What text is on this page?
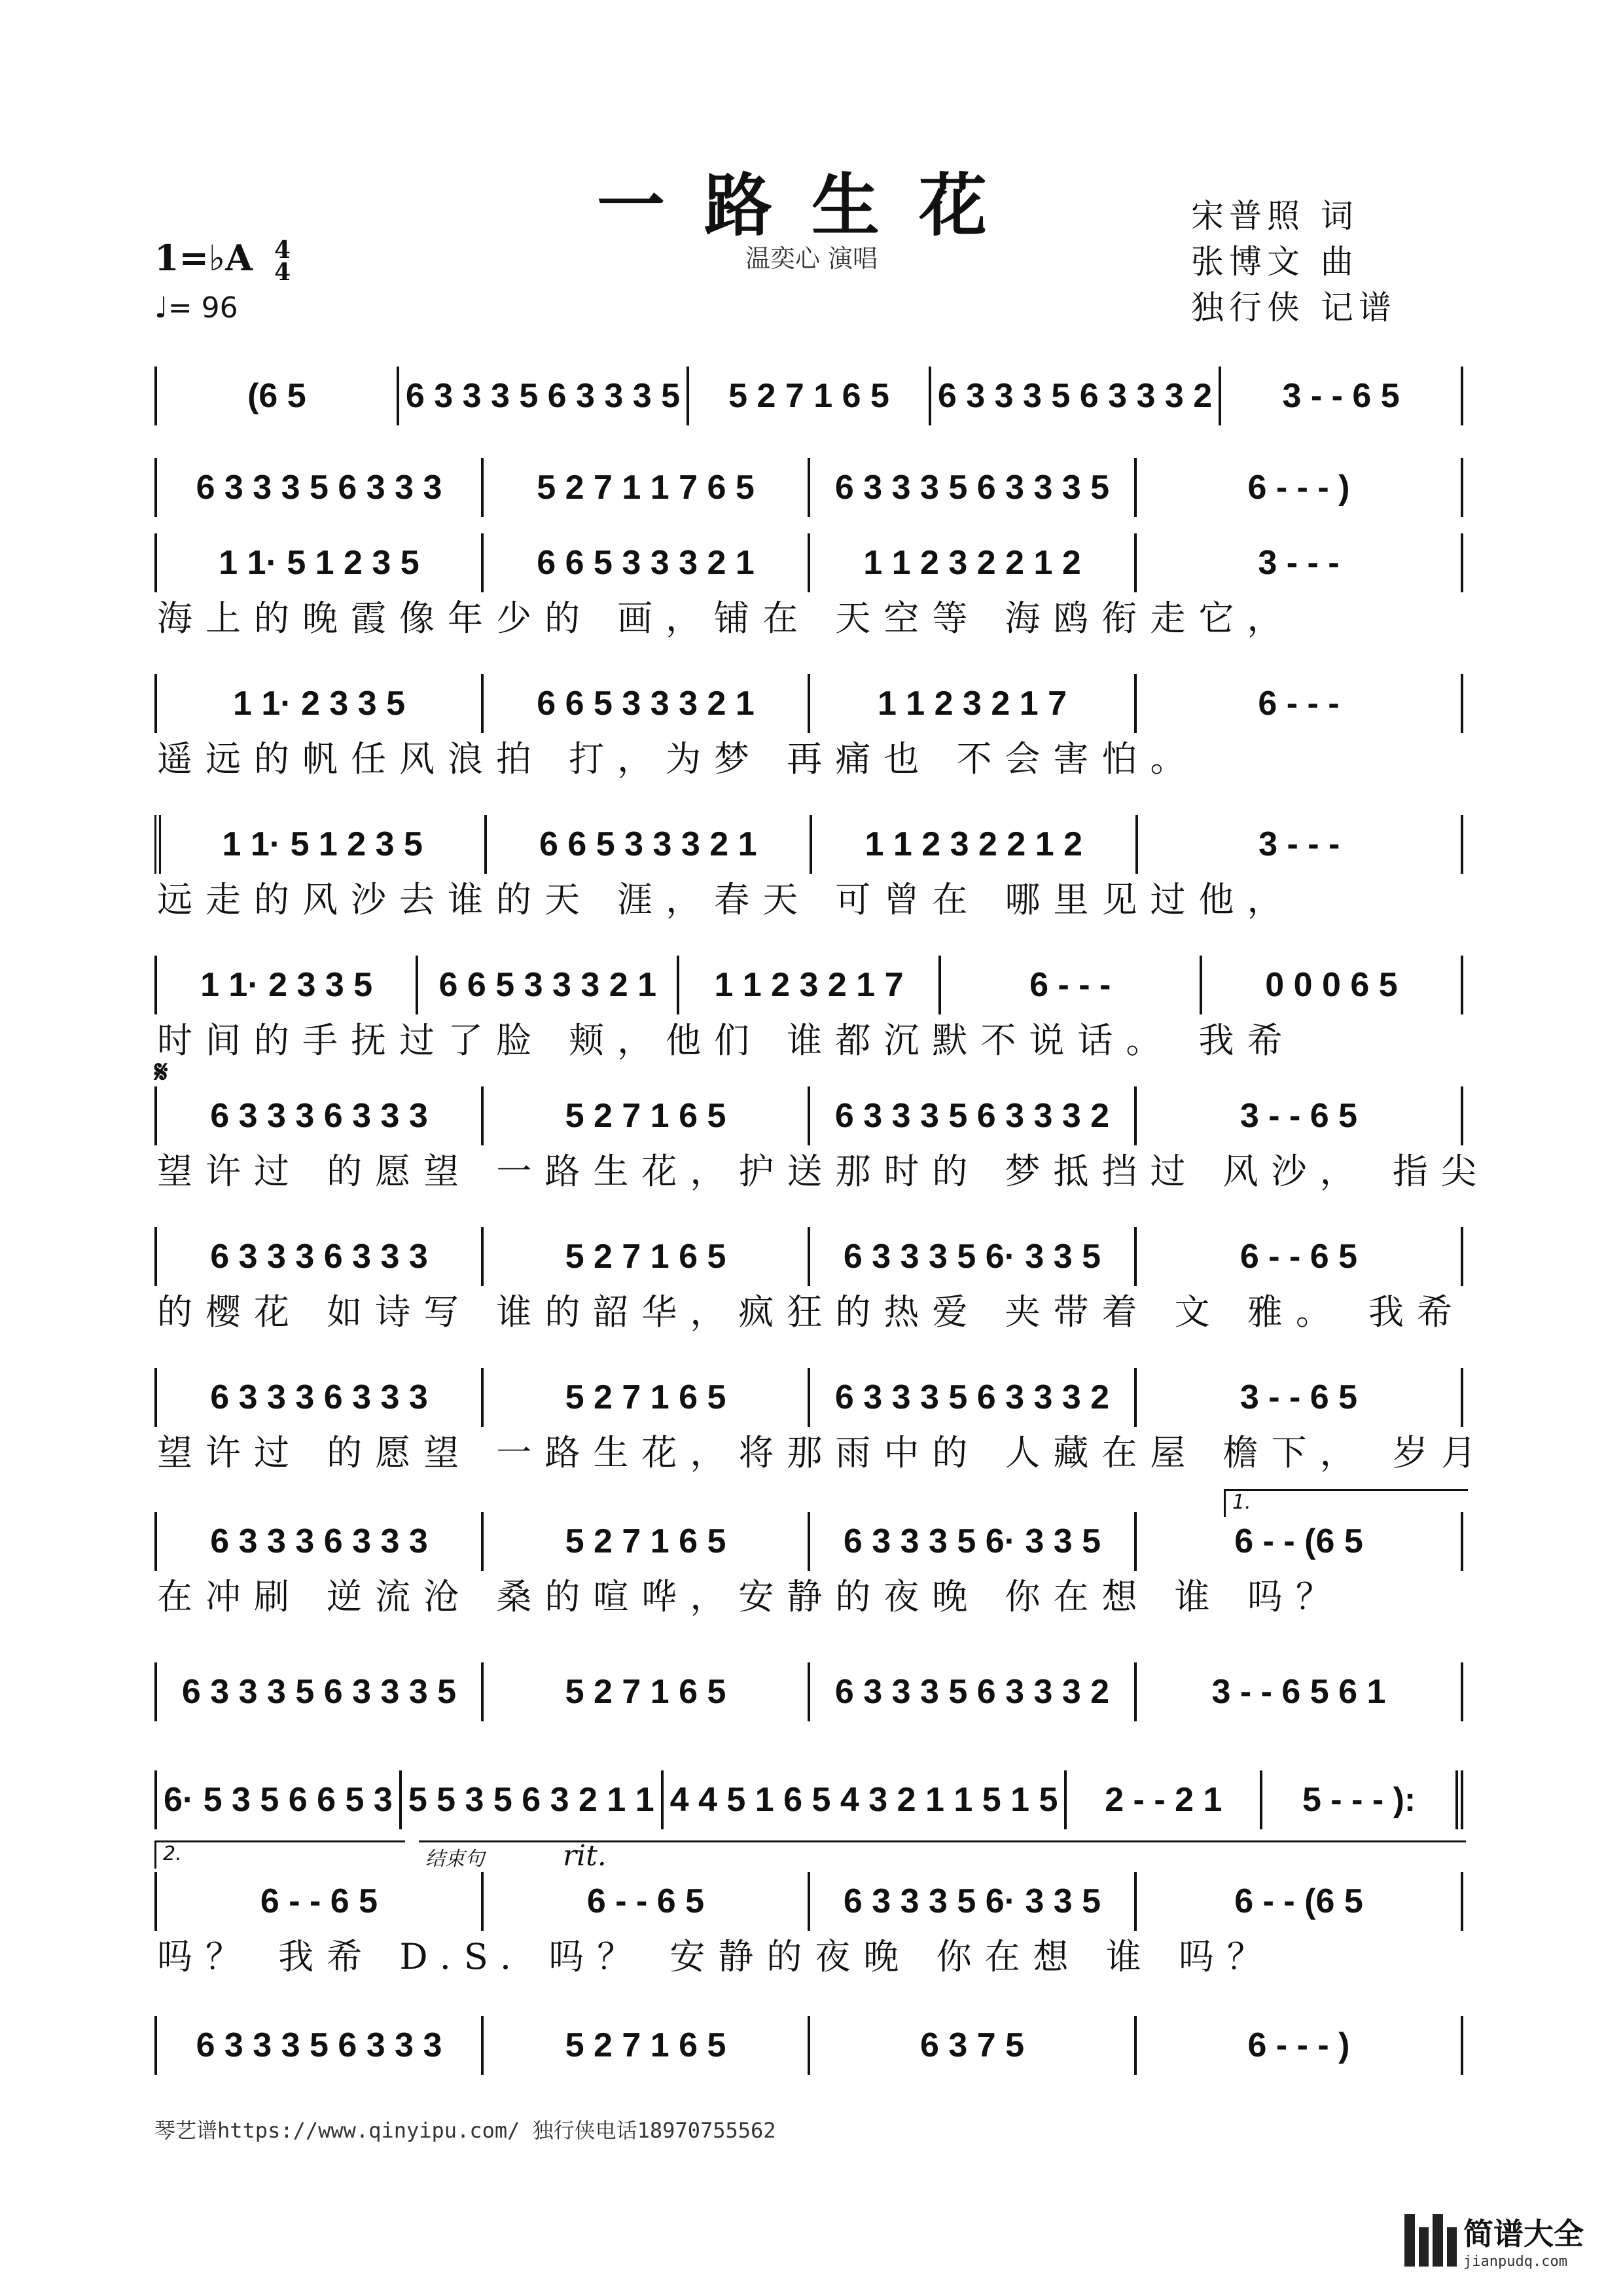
一路生花
温奕心 演唱
宋普照 词
张博文 曲
独行侠 记谱
1=♭A 4
4
♩= 96
(6 5	6 3 3 3 5 6 3 3 3 5	5 2 7 1 6 5	6 3 3 3 5 6 3 3 3 2	3 - - 6 5
6 3 3 3 5 6 3 3 3	5 2 7 1 1 7 6 5	6 3 3 3 5 6 3 3 3 5	6 - - - )
1 1· 5 1 2 3 5	6 6 5 3 3 3 2 1	1 1 2 3 2 2 1 2	3 - - -
海上的晚霞像年少的 画，铺在 天空等 海鸥衔走它，
1 1· 2 3 3 5	6 6 5 3 3 3 2 1	1 1 2 3 2 1 7	6 - - -
遥远的帆任风浪拍 打，为梦 再痛也 不会害怕。
1 1· 5 1 2 3 5	6 6 5 3 3 3 2 1	1 1 2 3 2 2 1 2	3 - - -
远走的风沙去谁的天 涯，春天 可曾在 哪里见过他，
1 1· 2 3 3 5	6 6 5 3 3 3 2 1	1 1 2 3 2 1 7	6 - - -	0 0 0 6 5
时间的手抚过了脸 颊，他们 谁都沉默不说话。 我希
6 3 3 3 6 3 3 3	5 2 7 1 6 5	6 3 3 3 5 6 3 3 3 2	3 - - 6 5
望许过 的愿望 一路生花，护送那时的 梦抵挡过 风沙， 指尖
6 3 3 3 6 3 3 3	5 2 7 1 6 5	6 3 3 3 5 6· 3 3 5	6 - - 6 5
的樱花 如诗写 谁的韶华，疯狂的热爱 夹带着 文 雅。 我希
6 3 3 3 6 3 3 3	5 2 7 1 6 5	6 3 3 3 5 6 3 3 3 2	3 - - 6 5
望许过 的愿望 一路生花，将那雨中的 人藏在屋 檐下， 岁月
6 3 3 3 6 3 3 3	5 2 7 1 6 5	6 3 3 3 5 6· 3 3 5	6 - - (6 5
在冲刷 逆流沧 桑的喧哗，安静的夜晚 你在想 谁 吗？
6 3 3 3 5 6 3 3 3 5	5 2 7 1 6 5	6 3 3 3 5 6 3 3 3 2	3 - - 6 5 6 1
6· 5 3 5 6 6 5 3 5 5 3 5 6 3 2 1 1 4 4 5 1 6 5 4 3 2 1 1 5 1 5	2 - - 2 1	5 - - - ):
6 - - 6 5	6 - - 6 5	6 3 3 3 5 6· 3 3 5	6 - - (6 5
吗？ 我希 D.S. 吗？ 安静的夜晚 你在想 谁 吗？
6 3 3 3 5 6 3 3 3	5 2 7 1 6 5	6 3 7 5	6 - - - )
𝄋
1.
2.	结束句	rit.
琴艺谱https://www.qinyipu.com/ 独行侠电话18970755562
简谱大全
jianpudq.com
